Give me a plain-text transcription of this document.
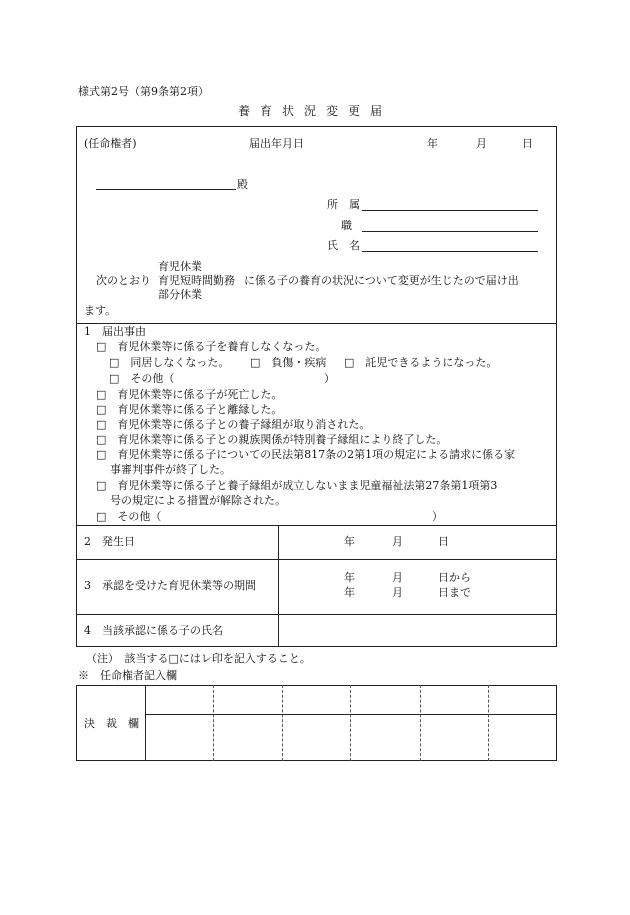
様式第2号（第9条第2項）
養 育 状 況 変 更 届
(任命権者)	届出年月日	年	月	日
殿
所　属
職
氏　名
育児休業
育児短時間勤務
部分休業
次のとおり	に係る子の養育の状況について変更が生じたので届け出
ます。
1　届出事由
□　育児休業等に係る子を養育しなくなった。
□　同居しなくなった。 □　負傷・疾病 □　託児できるようになった。
□　その他（	）
□　育児休業等に係る子が死亡した。
□　育児休業等に係る子と離縁した。
□　育児休業等に係る子との養子縁組が取り消された。
□　育児休業等に係る子との親族関係が特別養子縁組により終了した。
□　育児休業等に係る子についての民法第817条の2第1項の規定による請求に係る家
事審判事件が終了した。
□　育児休業等に係る子と養子縁組が成立しないまま児童福祉法第27条第1項第3
号の規定による措置が解除された。
□　その他（	）
2　発生日	年	月	日
3　承認を受けた育児休業等の期間
年	月	日から
年	月	日まで
4　当該承認に係る子の氏名
（注）　該当する□にはレ印を記入すること。
※　任命権者記入欄
決　裁　欄
